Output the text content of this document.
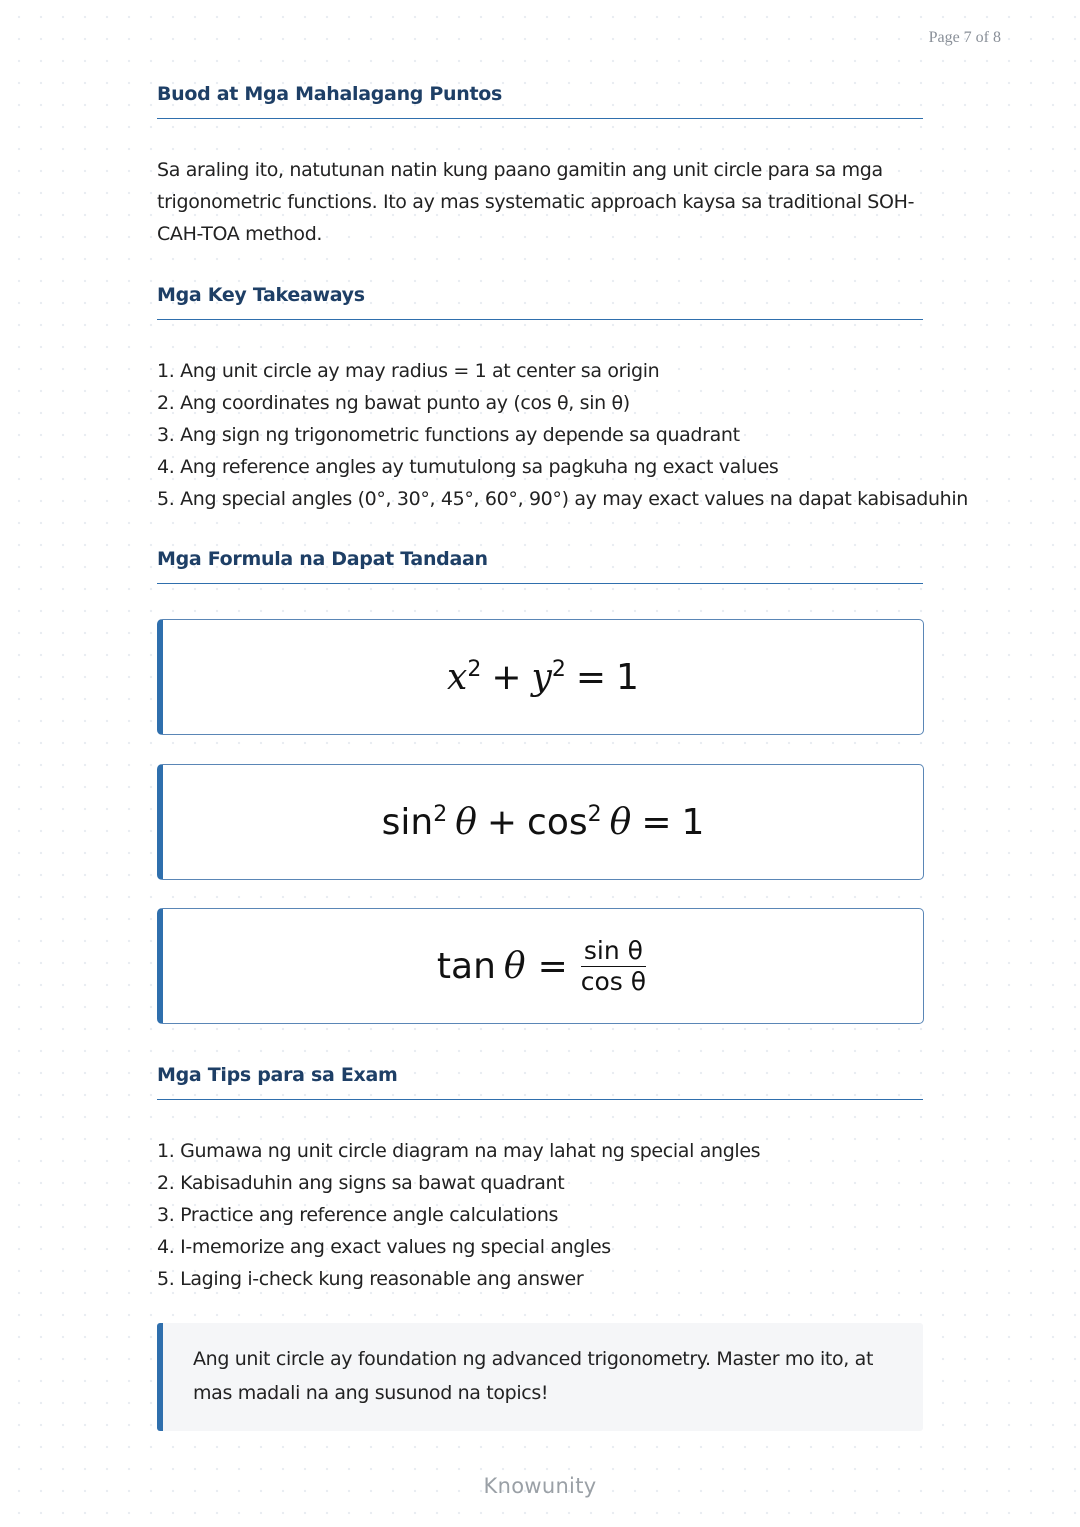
Page 7 of 8
Buod at Mga Mahalagang Puntos
Sa araling ito, natutunan natin kung paano gamitin ang unit circle para sa mga trigonometric functions. Ito ay mas systematic approach kaysa sa traditional SOH-CAH-TOA method.
Mga Key Takeaways
1. Ang unit circle ay may radius = 1 at center sa origin
2. Ang coordinates ng bawat punto ay (cos θ, sin θ)
3. Ang sign ng trigonometric functions ay depende sa quadrant
4. Ang reference angles ay tumutulong sa pagkuha ng exact values
5. Ang special angles (0°, 30°, 45°, 60°, 90°) ay may exact values na dapat kabisaduhin
Mga Formula na Dapat Tandaan
$x^2 + y^2 = 1$
$\sin^2 \theta + \cos^2 \theta = 1$
$\tan \theta = \frac{\text{sin θ}}{\text{cos θ}}$
Mga Tips para sa Exam
1. Gumawa ng unit circle diagram na may lahat ng special angles
2. Kabisaduhin ang signs sa bawat quadrant
3. Practice ang reference angle calculations
4. I-memorize ang exact values ng special angles
5. Laging i-check kung reasonable ang answer
Ang unit circle ay foundation ng advanced trigonometry. Master mo ito, at mas madali na ang susunod na topics!
Knowunity
